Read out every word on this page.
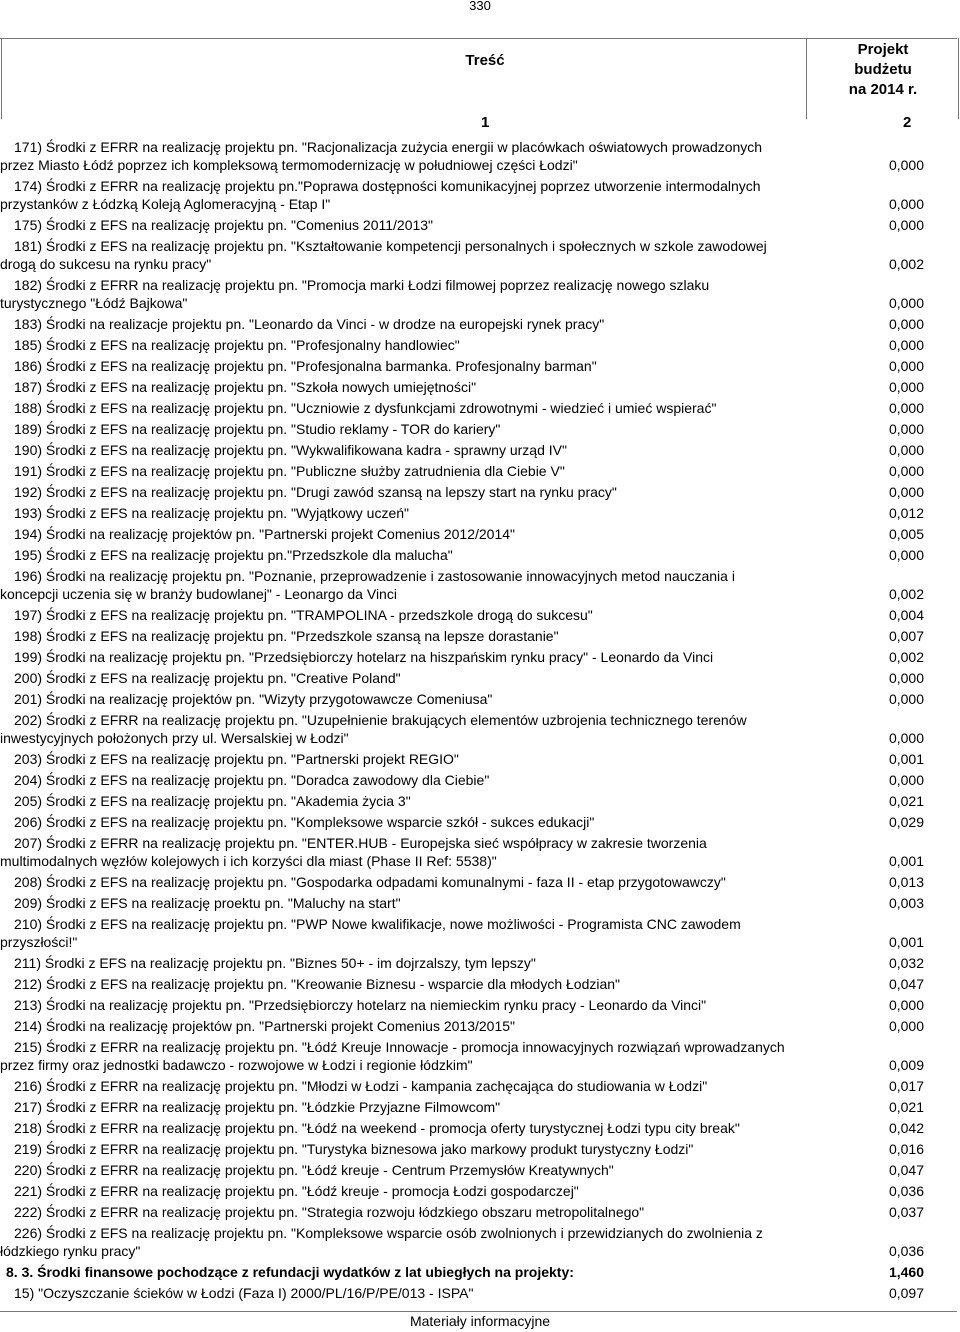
330
Treść
Projekt
budżetu
na 2014 r.
1	2
171) Środki z EFRR na realizację projektu pn. "Racjonalizacja zużycia energii w placówkach oświatowych prowadzonych przez Miasto Łódź poprzez ich kompleksową termomodernizację w południowej części Łodzi"	0,000
174) Środki z EFRR na realizację projektu pn."Poprawa dostępności komunikacyjnej poprzez utworzenie intermodalnych przystanków z Łódzką Koleją Aglomeracyjną - Etap I"	0,000
175) Środki z EFS na realizację projektu pn. "Comenius 2011/2013"	0,000
181) Środki z EFS na realizację projektu pn. "Kształtowanie kompetencji personalnych i społecznych w szkole zawodowej drogą do sukcesu na rynku pracy"	0,002
182) Środki z EFRR na realizację projektu pn. "Promocja marki Łodzi filmowej poprzez realizację nowego szlaku turystycznego "Łódź Bajkowa"	0,000
183) Środki na realizacje projektu pn. "Leonardo da Vinci - w drodze na europejski rynek pracy"	0,000
185) Środki z EFS na realizację projektu pn. "Profesjonalny handlowiec"	0,000
186) Środki z EFS na realizację projektu pn. "Profesjonalna barmanka. Profesjonalny barman"	0,000
187) Środki z EFS na realizację projektu pn. "Szkoła nowych umiejętności"	0,000
188) Środki z EFS na realizację projektu pn. "Uczniowie z dysfunkcjami zdrowotnymi - wiedzieć i umieć wspierać"	0,000
189) Środki z EFS na realizację projektu pn. "Studio reklamy - TOR do kariery"	0,000
190) Środki z EFS na realizację projektu pn. "Wykwalifikowana kadra - sprawny urząd IV"	0,000
191) Środki z EFS na realizację projektu pn. "Publiczne służby zatrudnienia dla Ciebie V"	0,000
192) Środki z EFS na realizację projektu pn. "Drugi zawód szansą na lepszy start na rynku pracy"	0,000
193) Środki z EFS na realizację projektu pn. "Wyjątkowy uczeń"	0,012
194) Środki na realizację projektów pn. "Partnerski projekt Comenius 2012/2014"	0,005
195) Środki z EFS na realizację projektu pn."Przedszkole dla malucha"	0,000
196) Środki na realizację projektu pn. "Poznanie, przeprowadzenie i zastosowanie innowacyjnych metod nauczania i koncepcji uczenia się w branży budowlanej" - Leonargo da Vinci	0,002
197) Środki z EFS na realizację projektu pn. "TRAMPOLINA - przedszkole drogą do sukcesu"	0,004
198) Środki z EFS na realizację projektu pn. "Przedszkole szansą na lepsze dorastanie"	0,007
199) Środki na realizację projektu pn. "Przedsiębiorczy hotelarz na hiszpańskim rynku pracy" - Leonardo da Vinci	0,002
200) Środki z EFS na realizację projektu pn. "Creative Poland"	0,000
201) Środki na realizację projektów pn. "Wizyty przygotowawcze Comeniusa"	0,000
202) Środki z EFRR na realizację projektu pn. "Uzupełnienie brakujących elementów uzbrojenia technicznego terenów inwestycyjnych położonych przy ul. Wersalskiej w Łodzi"	0,000
203) Środki z EFS na realizację projektu pn. "Partnerski projekt REGIO"	0,001
204) Środki z EFS na realizację projektu pn. "Doradca zawodowy dla Ciebie"	0,000
205) Środki z EFS na realizację projektu pn. "Akademia życia 3"	0,021
206) Środki z EFS na realizację projektu pn. "Kompleksowe wsparcie szkół - sukces edukacji"	0,029
207) Środki z EFRR na realizację projektu pn. "ENTER.HUB - Europejska sieć współpracy w zakresie tworzenia multimodalnych węzłów kolejowych i ich korzyści dla miast (Phase II Ref: 5538)"	0,001
208) Środki z EFS na realizację projektu pn. "Gospodarka odpadami komunalnymi - faza II - etap przygotowawczy"	0,013
209) Środki z EFS na realizację proektu pn. "Maluchy na start"	0,003
210) Środki z EFS na realizację projektu pn. "PWP Nowe kwalifikacje, nowe możliwości - Programista CNC zawodem przyszłości!"	0,001
211) Środki z EFS na realizację projektu pn. "Biznes 50+ - im dojrzalszy, tym lepszy"	0,032
212) Środki z EFS na realizację projektu pn. "Kreowanie Biznesu - wsparcie dla młodych Łodzian"	0,047
213) Środki na realizację projektu pn. "Przedsiębiorczy hotelarz na niemieckim rynku pracy - Leonardo da Vinci"	0,000
214) Środki na realizację projektów pn. "Partnerski projekt Comenius 2013/2015"	0,000
215) Środki z EFRR na realizację projektu pn. "Łódź Kreuje Innowacje - promocja innowacyjnych rozwiązań wprowadzanych przez firmy oraz jednostki badawczo - rozwojowe w Łodzi i regionie łódzkim"	0,009
216) Środki z EFRR na realizację projektu pn. "Młodzi w Łodzi - kampania zachęcająca do studiowania w Łodzi"	0,017
217) Środki z EFRR na realizację projektu pn. "Łódzkie Przyjazne Filmowcom"	0,021
218) Środki z EFRR na realizację projektu pn. "Łódź na weekend - promocja oferty turystycznej Łodzi typu city break"	0,042
219) Środki z EFRR na realizację projektu pn. "Turystyka biznesowa jako markowy produkt turystyczny Łodzi"	0,016
220) Środki z EFRR na realizację projektu pn. "Łódź kreuje - Centrum Przemysłów Kreatywnych"	0,047
221) Środki z EFRR na realizację projektu pn. "Łódź kreuje - promocja Łodzi gospodarczej"	0,036
222) Środki z EFRR na realizację projektu pn. "Strategia rozwoju łódzkiego obszaru metropolitalnego"	0,037
226) Środki z EFS na realizację projektu pn. "Kompleksowe wsparcie osób zwolnionych i przewidzianych do zwolnienia z łódzkiego rynku pracy"	0,036
8. 3. Środki finansowe pochodzące z refundacji wydatków z lat ubiegłych na projekty:	1,460
15) "Oczyszczanie ścieków w Łodzi (Faza I) 2000/PL/16/P/PE/013 - ISPA"	0,097
Materiały informacyjne
